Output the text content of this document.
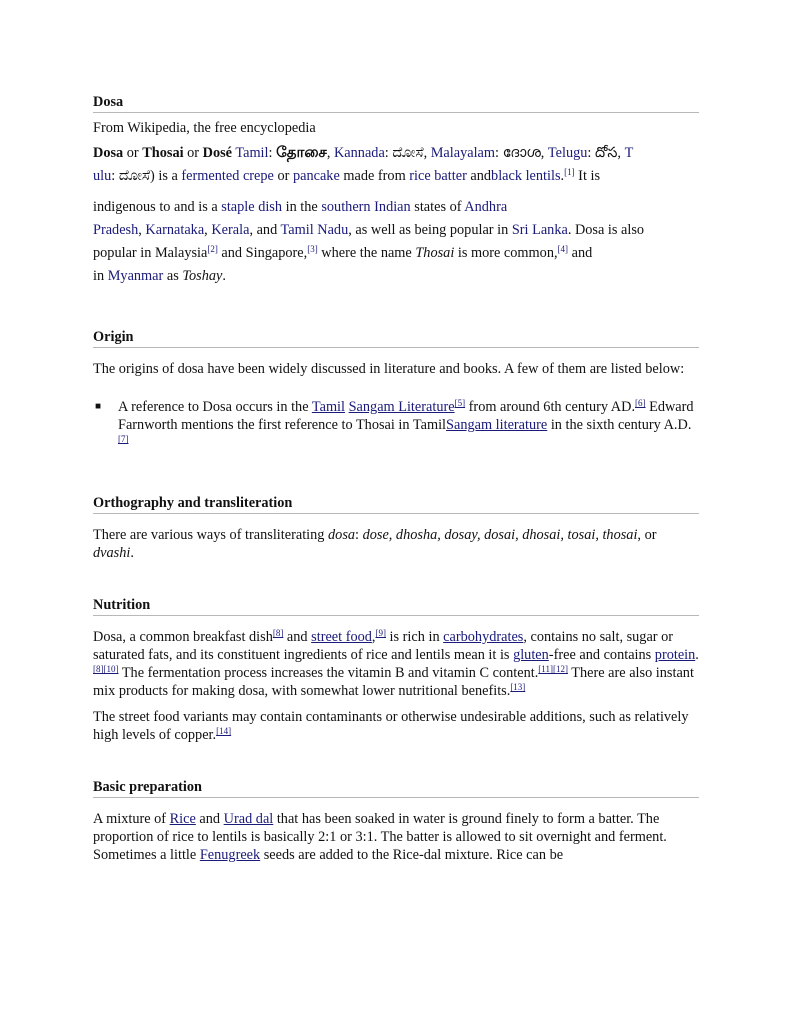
Dosa

From Wikipedia, the free encyclopedia

Dosa or Thosai or Dosé Tamil: தோசை, Kannada: ದೋಸೆ, Malayalam: ദോശ, Telugu: దోస, T
ulu: ದೋಸೆ) is a fermented crepe or pancake made from rice batter andblack lentils.[1] It is
indigenous to and is a staple dish in the southern Indian states of Andhra
Pradesh, Karnataka, Kerala, and Tamil Nadu, as well as being popular in Sri Lanka. Dosa is also
popular in Malaysia[2] and Singapore,[3] where the name Thosai is more common,[4] and
in Myanmar as Toshay.
Origin

The origins of dosa have been widely discussed in literature and books. A few of them are listed below:

■ A reference to Dosa occurs in the Tamil Sangam Literature[5] from around 6th century AD.[6] Edward Farnworth mentions the first reference to Thosai in TamilSangam literature in the sixth century A.D.[7]
Orthography and transliteration

There are various ways of transliterating dosa: dose, dhosha, dosay, dosai, dhosai, tosai, thosai, or dvashi.

Nutrition

Dosa, a common breakfast dish[8] and street food,[9] is rich in carbohydrates, contains no salt, sugar or saturated fats, and its constituent ingredients of rice and lentils mean it is gluten-free and contains protein.[8][10] The fermentation process increases the vitamin B and vitamin C content.[11][12] There are also instant mix products for making dosa, with somewhat lower nutritional benefits.[13]

The street food variants may contain contaminants or otherwise undesirable additions, such as relatively high levels of copper.[14]

Basic preparation

A mixture of Rice and Urad dal that has been soaked in water is ground finely to form a batter. The proportion of rice to lentils is basically 2:1 or 3:1. The batter is allowed to sit overnight and ferment. Sometimes a little Fenugreek seeds are added to the Rice-dal mixture. Rice can be
